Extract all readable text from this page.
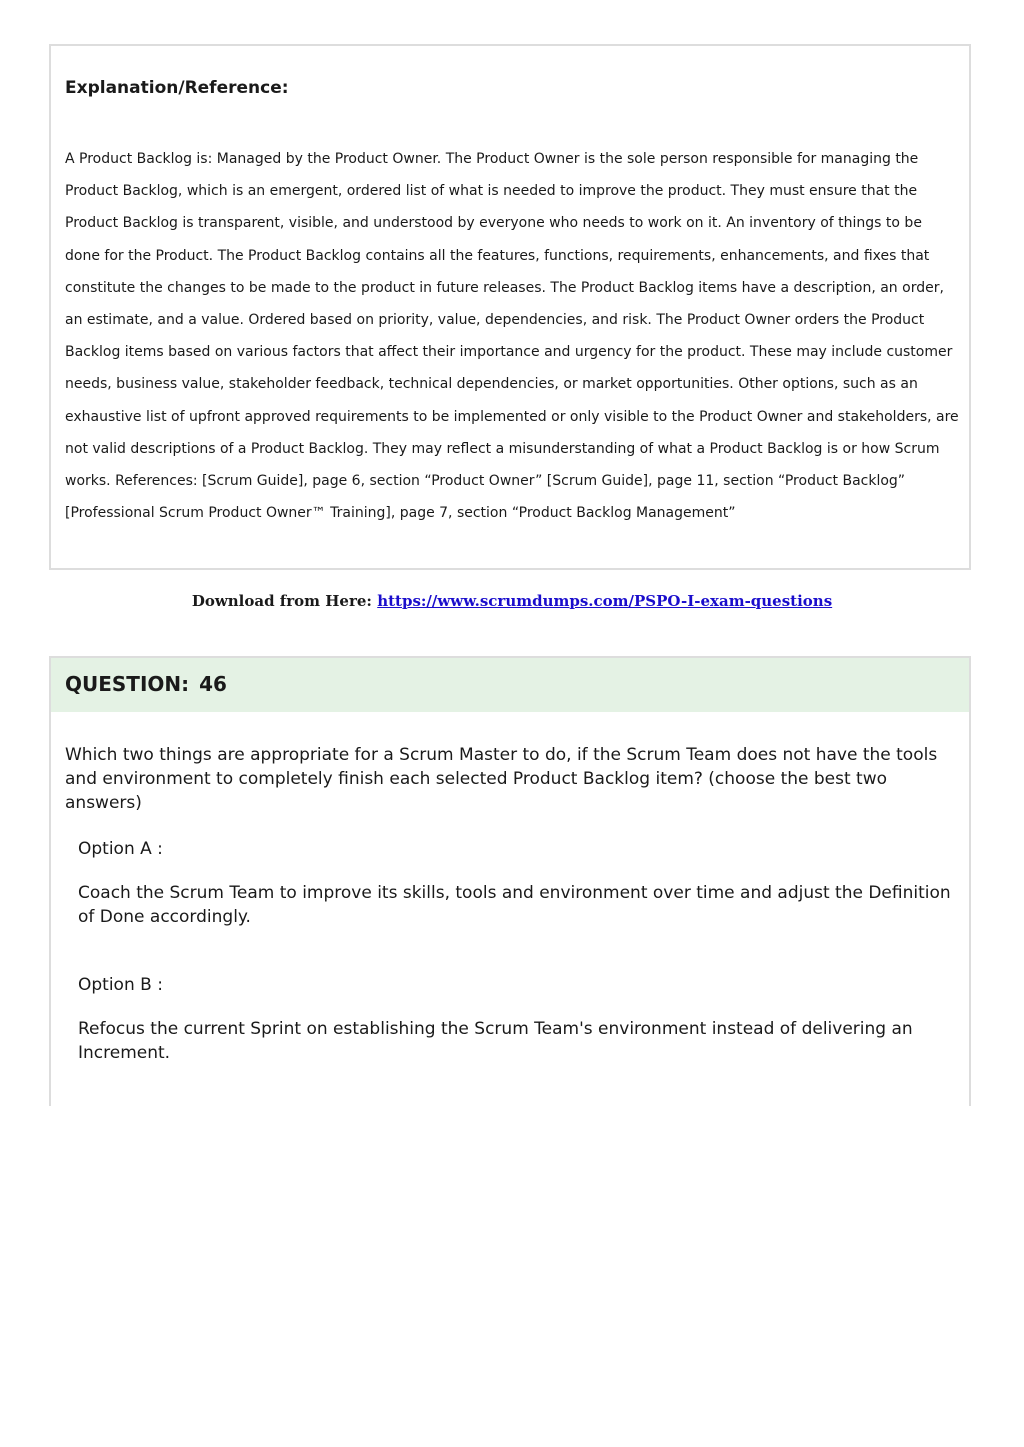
Explanation/Reference:

A Product Backlog is: Managed by the Product Owner. The Product Owner is the sole person responsible for managing the Product Backlog, which is an emergent, ordered list of what is needed to improve the product. They must ensure that the Product Backlog is transparent, visible, and understood by everyone who needs to work on it. An inventory of things to be done for the Product. The Product Backlog contains all the features, functions, requirements, enhancements, and fixes that constitute the changes to be made to the product in future releases. The Product Backlog items have a description, an order, an estimate, and a value. Ordered based on priority, value, dependencies, and risk. The Product Owner orders the Product Backlog items based on various factors that affect their importance and urgency for the product. These may include customer needs, business value, stakeholder feedback, technical dependencies, or market opportunities. Other options, such as an exhaustive list of upfront approved requirements to be implemented or only visible to the Product Owner and stakeholders, are not valid descriptions of a Product Backlog. They may reflect a misunderstanding of what a Product Backlog is or how Scrum works. References: [Scrum Guide], page 6, section “Product Owner” [Scrum Guide], page 11, section “Product Backlog” [Professional Scrum Product Owner™ Training], page 7, section “Product Backlog Management”

Download from Here: https://www.scrumdumps.com/PSPO-I-exam-questions

QUESTION: 46

Which two things are appropriate for a Scrum Master to do, if the Scrum Team does not have the tools and environment to completely finish each selected Product Backlog item? (choose the best two answers)

Option A :

Coach the Scrum Team to improve its skills, tools and environment over time and adjust the Definition of Done accordingly.

Option B :

Refocus the current Sprint on establishing the Scrum Team's environment instead of delivering an Increment.
